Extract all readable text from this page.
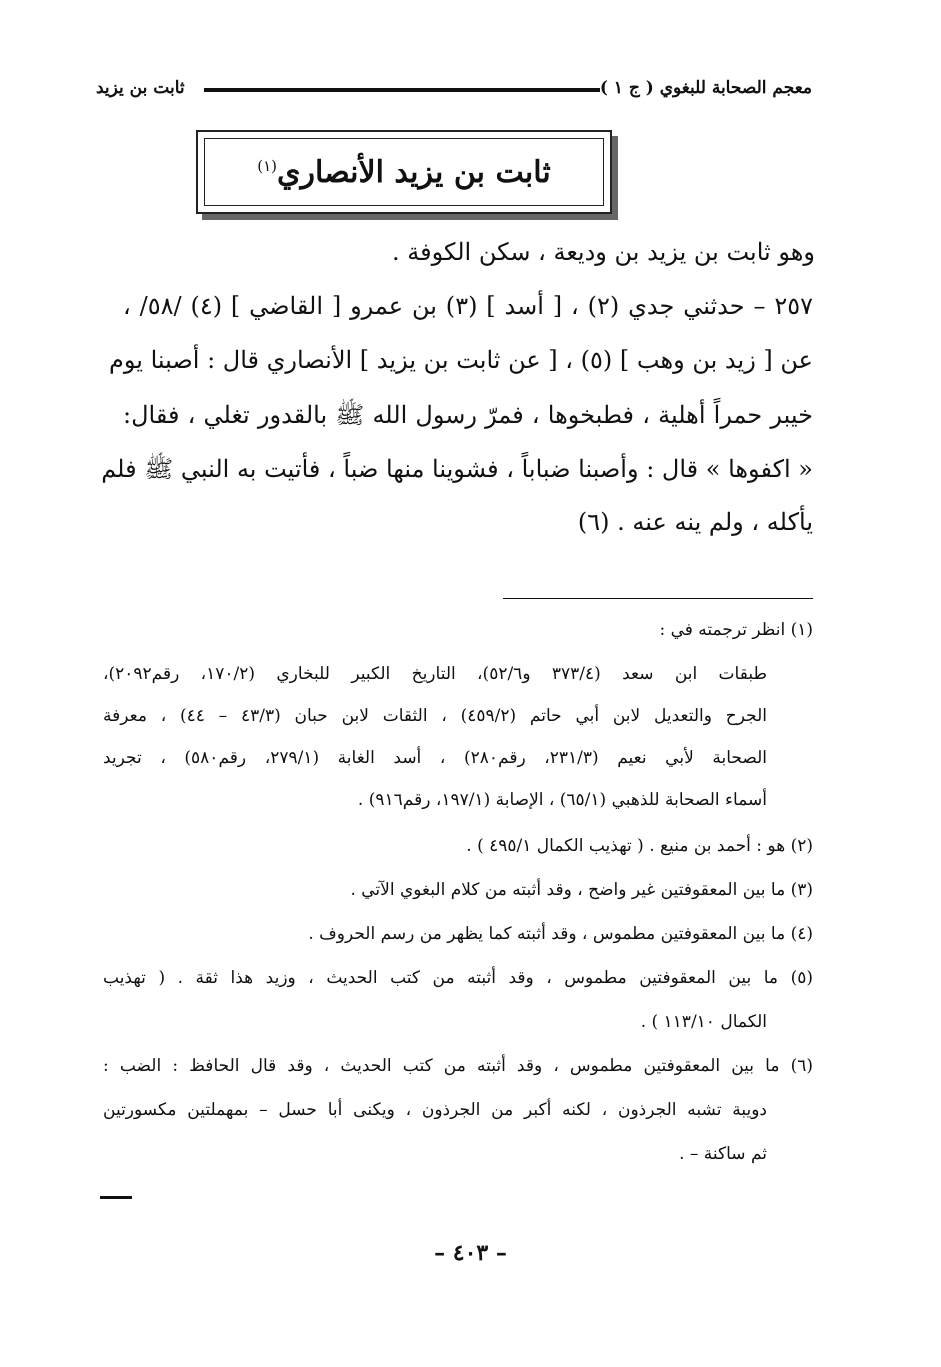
معجم الصحابة للبغوي ( ج ١ )
ثابت بن يزيد
ثابت بن يزيد الأنصاري$^{(١)}$
وهو ثابت بن يزيد بن وديعة ، سكن الكوفة .
٢٥٧ – حدثني جدي (٢) ، [ أسد ] (٣) بن عمرو [ القاضي ] (٤) /٥٨/ ،
عن [ زيد بن وهب ] (٥) ، [ عن ثابت بن يزيد ] الأنصاري قال : أصبنا يوم
خيبر حمراً أهلية ، فطبخوها ، فمرّ رسول الله ﷺ بالقدور تغلي ، فقال:
« اكفوها » قال : وأصبنا ضباباً ، فشوينا منها ضباً ، فأتيت به النبي ﷺ فلم
يأكله ، ولم ينه عنه . (٦)
(١) انظر ترجمته في :
طبقات ابن سعد (٣٧٣/٤ و٥٢/٦)، التاريخ الكبير للبخاري (١٧٠/٢، رقم٢٠٩٢)،
الجرح والتعديل لابن أبي حاتم (٤٥٩/٢) ، الثقات لابن حبان (٤٣/٣ – ٤٤) ، معرفة
الصحابة لأبي نعيم (٢٣١/٣، رقم٢٨٠) ، أسد الغابة (٢٧٩/١، رقم٥٨٠) ، تجريد
أسماء الصحابة للذهبي (٦٥/١) ، الإصابة (١٩٧/١، رقم٩١٦) .
(٢) هو : أحمد بن منيع . ( تهذيب الكمال ٤٩٥/١ ) .
(٣) ما بين المعقوفتين غير واضح ، وقد أثبته من كلام البغوي الآتي .
(٤) ما بين المعقوفتين مطموس ، وقد أثبته كما يظهر من رسم الحروف .
(٥) ما بين المعقوفتين مطموس ، وقد أثبته من كتب الحديث ، وزيد هذا ثقة . ( تهذيب
الكمال ١١٣/١٠ ) .
(٦) ما بين المعقوفتين مطموس ، وقد أثبته من كتب الحديث ، وقد قال الحافظ : الضب :
دويبة تشبه الجرذون ، لكنه أكبر من الجرذون ، ويكنى أبا حسل – بمهملتين مكسورتين
ثم ساكنة – .
– ٤٠٣ –
